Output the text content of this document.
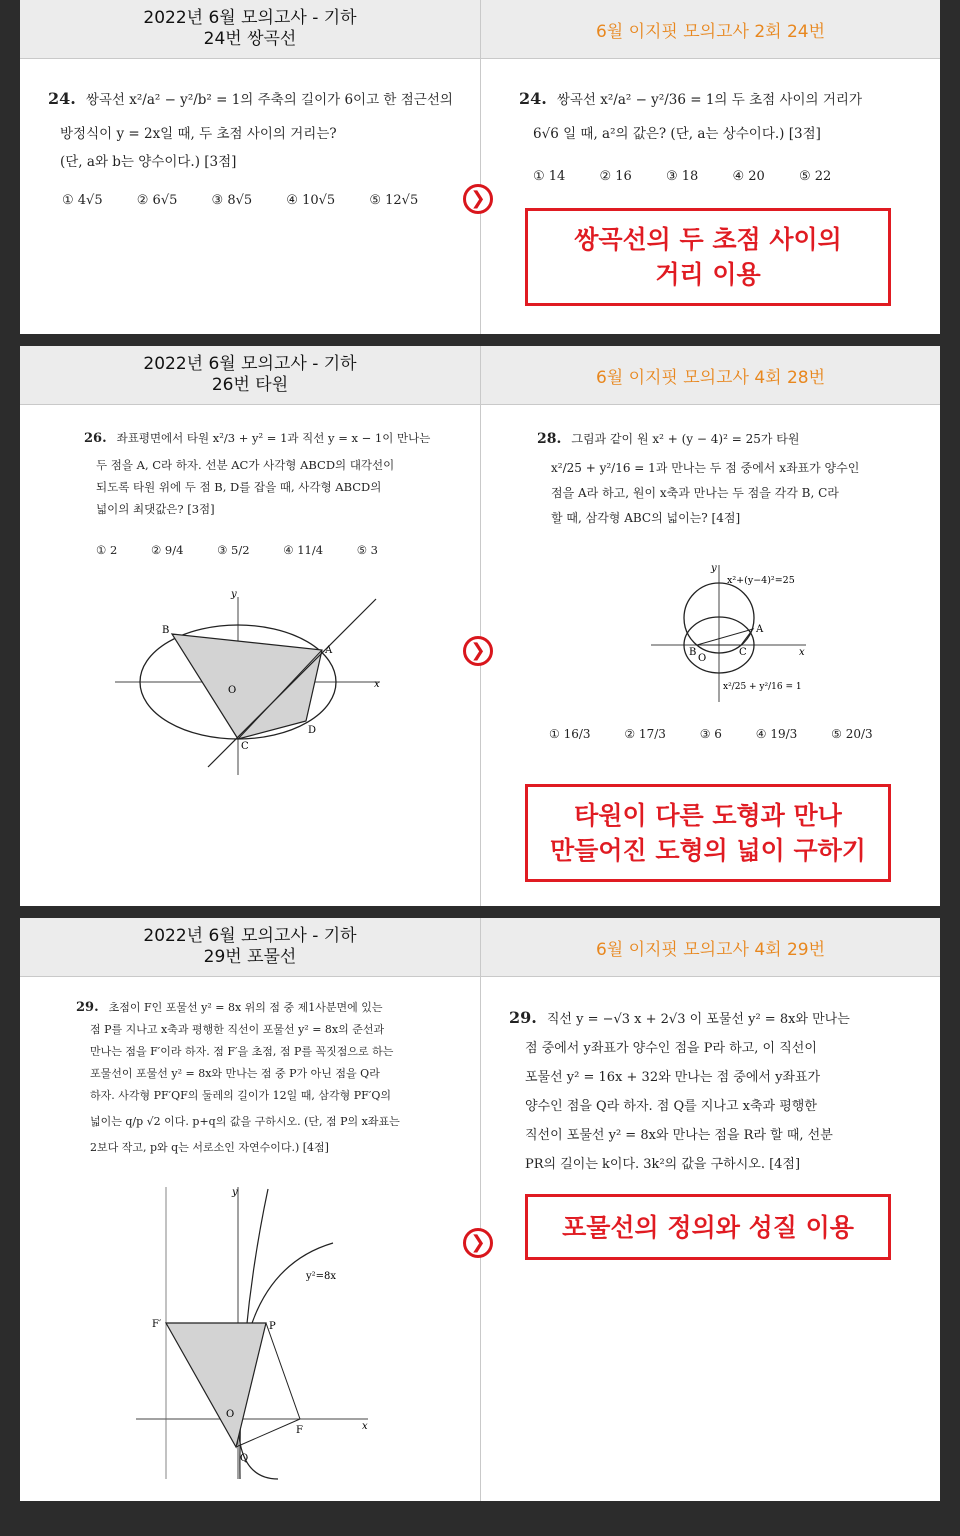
2022년 6월 모의고사 - 기하
24번 쌍곡선	6월 이지핏 모의고사 2회 24번
24. 쌍곡선 x²/a² − y²/b² = 1의 주축의 길이가 6이고 한 점근선의
방정식이 y = 2x일 때, 두 초점 사이의 거리는?
(단, a와 b는 양수이다.) [3점]
① 4√5	② 6√5	③ 8√5	④ 10√5	⑤ 12√5
24. 쌍곡선 x²/a² − y²/36 = 1의 두 초점 사이의 거리가
6√6 일 때, a²의 값은? (단, a는 상수이다.) [3점]
① 14	② 16	③ 18	④ 20	⑤ 22
❯
쌍곡선의 두 초점 사이의
거리 이용
2022년 6월 모의고사 - 기하
26번 타원	6월 이지핏 모의고사 4회 28번
26. 좌표평면에서 타원 x²/3 + y² = 1과 직선 y = x − 1이 만나는
두 점을 A, C라 하자. 선분 AC가 사각형 ABCD의 대각선이
되도록 타원 위에 두 점 B, D를 잡을 때, 사각형 ABCD의
넓이의 최댓값은? [3점]
① 2	② 9/4	③ 5/2	④ 11/4	⑤ 3
y
x
O
A
B
C
D
28. 그림과 같이 원 x² + (y − 4)² = 25가 타원
x²/25 + y²/16 = 1과 만나는 두 점 중에서 x좌표가 양수인
점을 A라 하고, 원이 x축과 만나는 두 점을 각각 B, C라
할 때, 삼각형 ABC의 넓이는? [4점]
y
x
x²+(y−4)²=25
A
B
O
C
x²/25 + y²/16 = 1
① 16/3	② 17/3	③ 6	④ 19/3	⑤ 20/3
❯
타원이 다른 도형과 만나
만들어진 도형의 넓이 구하기
2022년 6월 모의고사 - 기하
29번 포물선	6월 이지핏 모의고사 4회 29번
29. 초점이 F인 포물선 y² = 8x 위의 점 중 제1사분면에 있는
점 P를 지나고 x축과 평행한 직선이 포물선 y² = 8x의 준선과
만나는 점을 F′이라 하자. 점 F′을 초점, 점 P를 꼭짓점으로 하는
포물선이 포물선 y² = 8x와 만나는 점 중 P가 아닌 점을 Q라
하자. 사각형 PF′QF의 둘레의 길이가 12일 때, 삼각형 PF′Q의
넓이는 q/p √2 이다. p+q의 값을 구하시오. (단, 점 P의 x좌표는
2보다 작고, p와 q는 서로소인 자연수이다.) [4점]
y
x
y²=8x
F′	P
O
F
Q
29. 직선 y = −√3 x + 2√3 이 포물선 y² = 8x와 만나는
점 중에서 y좌표가 양수인 점을 P라 하고, 이 직선이
포물선 y² = 16x + 32와 만나는 점 중에서 y좌표가
양수인 점을 Q라 하자. 점 Q를 지나고 x축과 평행한
직선이 포물선 y² = 8x와 만나는 점을 R라 할 때, 선분
PR의 길이는 k이다. 3k²의 값을 구하시오. [4점]
❯
포물선의 정의와 성질 이용
